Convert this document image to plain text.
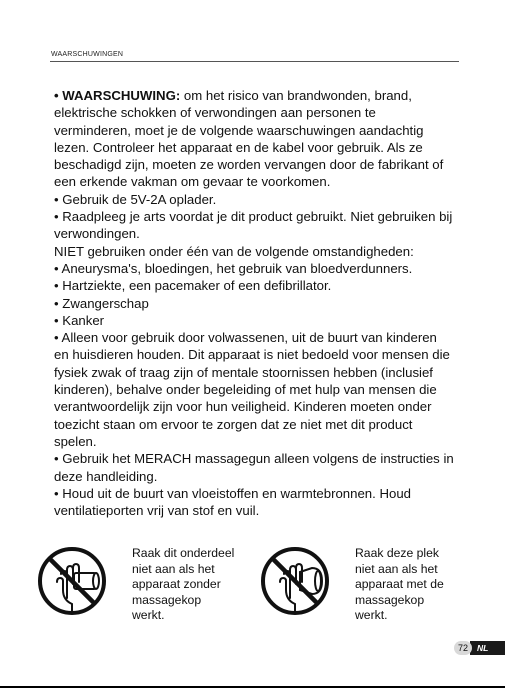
WAARSCHUWINGEN

• WAARSCHUWING: om het risico van brandwonden, brand, elektrische schokken of verwondingen aan personen te verminderen, moet je de volgende waarschuwingen aandachtig lezen. Controleer het apparaat en de kabel voor gebruik. Als ze beschadigd zijn, moeten ze worden vervangen door de fabrikant of een erkende vakman om gevaar te voorkomen.

• Gebruik de 5V-2A oplader.

• Raadpleeg je arts voordat je dit product gebruikt. Niet gebruiken bij verwondingen.

NIET gebruiken onder één van de volgende omstandigheden:

• Aneurysma's, bloedingen, het gebruik van bloedverdunners.

• Hartziekte, een pacemaker of een defibrillator.

• Zwangerschap

• Kanker

• Alleen voor gebruik door volwassenen, uit de buurt van kinderen en huisdieren houden. Dit apparaat is niet bedoeld voor mensen die fysiek zwak of traag zijn of mentale stoornissen hebben (inclusief kinderen), behalve onder begeleiding of met hulp van mensen die verantwoordelijk zijn voor hun veiligheid. Kinderen moeten onder toezicht staan om ervoor te zorgen dat ze niet met dit product spelen.

• Gebruik het MERACH massagegun alleen volgens de instructies in deze handleiding.

• Houd uit de buurt van vloeistoffen en warmtebronnen. Houd ventilatieporten vrij van stof en vuil.

Raak dit onderdeel
niet aan als het
apparaat zonder
massagekop
werkt.
Raak deze plek
niet aan als het
apparaat met de
massagekop
werkt.
NL
72
